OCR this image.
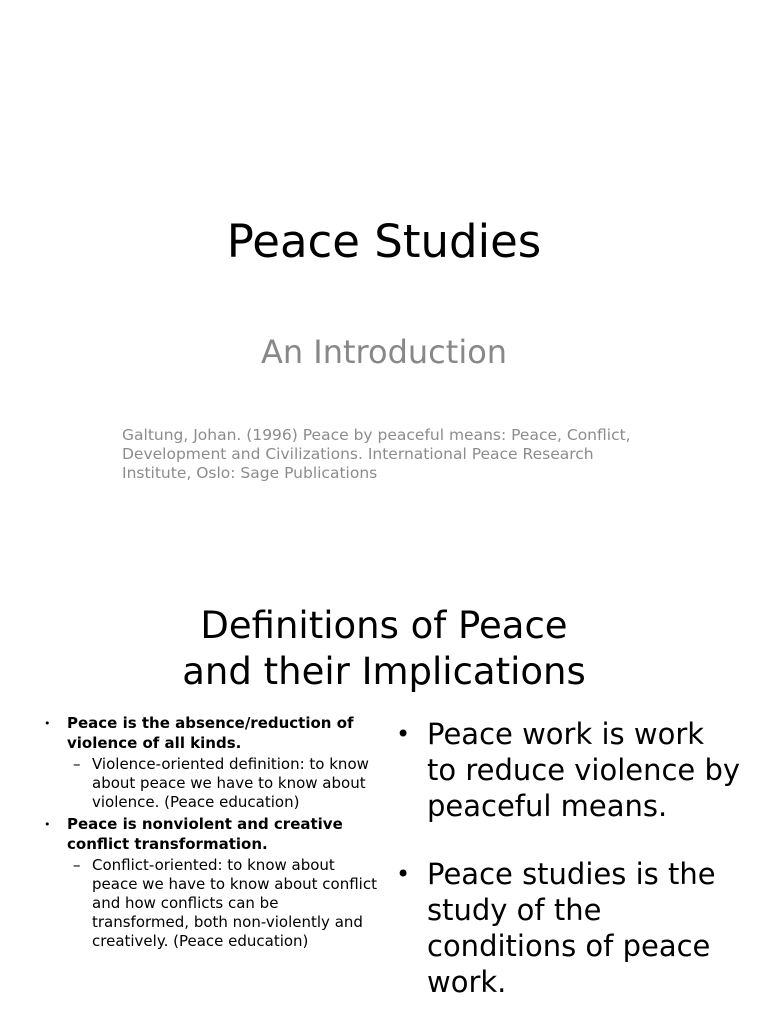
Peace Studies
An Introduction

Galtung, Johan. (1996) Peace by peaceful means: Peace, Conflict, Development and Civilizations. International Peace Research Institute, Oslo: Sage Publications

Definitions of Peace
and their Implications
• Peace is the absence/reduction of violence of all kinds.
– Violence-oriented definition: to know about peace we have to know about violence. (Peace education)
• Peace is nonviolent and creative conflict transformation.
– Conflict-oriented: to know about peace we have to know about conflict and how conflicts can be transformed, both non-violently and creatively. (Peace education)
• Peace work is work to reduce violence by peaceful means.
• Peace studies is the study of the conditions of peace work.
